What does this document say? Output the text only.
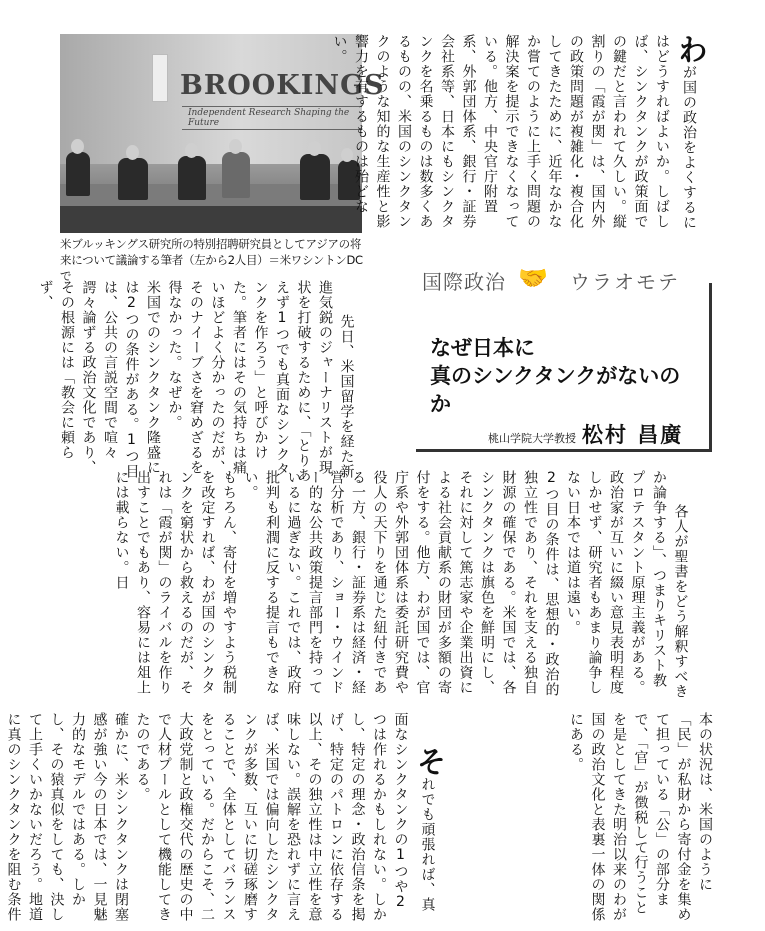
BROOKINGS
Independent Research Shaping the Future
米ブルッキングス研究所の特別招聘研究員としてアジアの将来について議論する筆者（左から2人目）＝米ワシントンDCで
わが国の政治をよくするにはどうすればよいか。しばしば、シンクタンクが政策面での鍵だと言われて久しい。縦割りの「霞が関」は、国内外の政策問題が複雑化・複合化してきたために、近年なかなか嘗てのように上手く問題の解決案を提示できなくなっている。他方、中央官庁附置系、外郭団体系、銀行・証券会社系等、日本にもシンクタンクを名乗るものは数多くあるものの、米国のシンクタンクのような知的な生産性と影響力を有するものは殆どない。
国際政治 🤝 ウラオモテ
なぜ日本に
真のシンクタンクがないのか
桃山学院大学教授 松村 昌廣

先日、米国留学を経た新進気鋭のジャーナリストが現状を打破するために、「とりあえず1つでも真面なシンクタンクを作ろう」と呼びかけた。筆者にはその気持ちは痛いほどよく分かったのだが、そのナイーブさを窘めざるを得なかった。なぜか。
米国でのシンクタンク隆盛には2つの条件がある。1つ目は、公共の言説空間で喧々諤々論ずる政治文化であり、その根源には「教会に頼らず、

各人が聖書をどう解釈すべきか論争する」、つまりキリスト教プロテスタント原理主義がある。政治家が互いに綴い意見表明程度しかせず、研究者もあまり論争しない日本では道は遠い。
2つ目の条件は、思想的・政治的独立性であり、それを支える独自財源の確保である。米国では、各シンクタンクは旗色を鮮明にし、それに対して篤志家や企業出資による社会貢献系の財団が多額の寄付をする。他方、わが国では、官庁系や外郭団体系は委託研究費や役人の天下りを通じた紐付きである一方、銀行・証券系は経済・経営分析であり、ショー・ウインドー的な公共政策提言部門を持っているに過ぎない。これでは、政府批判も利潤に反する提言もできない。
もちろん、寄付を増やすよう税制を改定すれば、わが国のシンクタンクを窮状から救えるのだが、それは「霞が関」のライバルを作り出すことでもあり、容易には俎上には載らない。日

本の状況は、米国のように「民」が私財から寄付金を集めて担っている「公」の部分まで、「官」が徴税して行うことを是としてきた明治以来のわが国の政治文化と表裏一体の関係にある。

それでも頑張れば、真面なシンクタンクの1つや2つは作れるかもしれない。しかし、特定の理念・政治信条を掲げ、特定のパトロンに依存する以上、その独立性は中立性を意味しない。誤解を恐れずに言えば、米国では偏向したシンクタンクが多数、互いに切磋琢磨することで、全体としてバランスをとっている。だからこそ、二大政党制と政権交代の歴史の中で人材プールとして機能してきたのである。
確かに、米シンクタンクは閉塞感が強い今の日本では、一見魅力的なモデルではある。しかし、その猿真似をしても、決して上手くいかないだろう。地道に真のシンクタンクを阻む条件
